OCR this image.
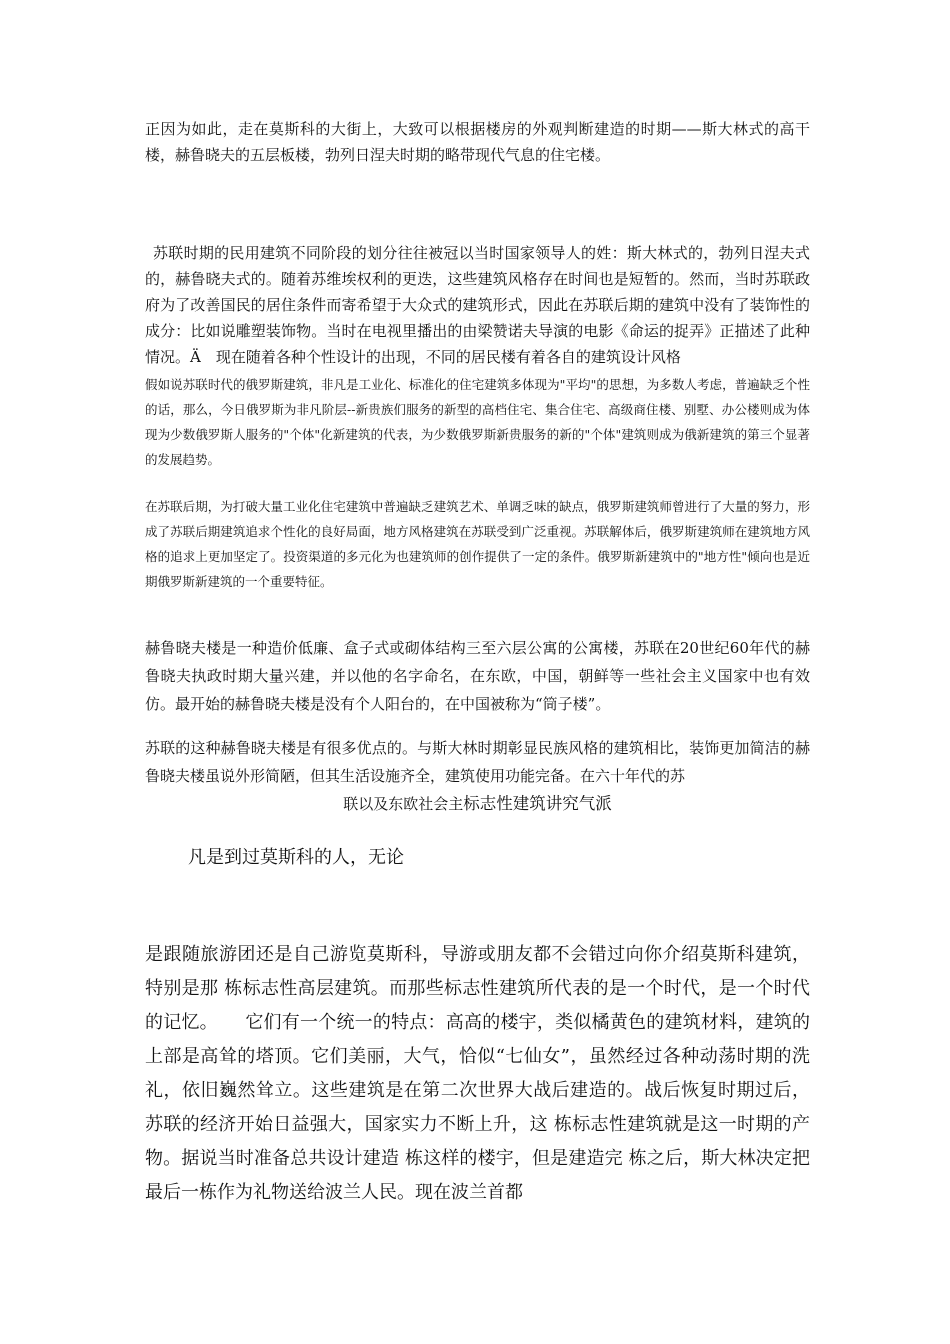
正因为如此，走在莫斯科的大街上，大致可以根据楼房的外观判断建造的时期——斯大林式的高干楼，赫鲁晓夫的五层板楼，勃列日涅夫时期的略带现代气息的住宅楼。
苏联时期的民用建筑不同阶段的划分往往被冠以当时国家领导人的姓：斯大林式的，勃列日涅夫式的，赫鲁晓夫式的。随着苏维埃权利的更迭，这些建筑风格存在时间也是短暂的。然而，当时苏联政府为了改善国民的居住条件而寄希望于大众式的建筑形式，因此在苏联后期的建筑中没有了装饰性的成分：比如说雕塑装饰物。当时在电视里播出的由梁赞诺夫导演的电影《命运的捉弄》正描述了此种情况。Ä　现在随着各种个性设计的出现，不同的居民楼有着各自的建筑设计风格
假如说苏联时代的俄罗斯建筑，非凡是工业化、标准化的住宅建筑多体现为"平均"的思想，为多数人考虑，普遍缺乏个性的话，那么，今日俄罗斯为非凡阶层--新贵族们服务的新型的高档住宅、集合住宅、高级商住楼、别墅、办公楼则成为体现为少数俄罗斯人服务的"个体"化新建筑的代表，为少数俄罗斯新贵服务的新的"个体"建筑则成为俄新建筑的第三个显著的发展趋势。
在苏联后期，为打破大量工业化住宅建筑中普遍缺乏建筑艺术、单调乏味的缺点，俄罗斯建筑师曾进行了大量的努力，形成了苏联后期建筑追求个性化的良好局面，地方风格建筑在苏联受到广泛重视。苏联解体后，俄罗斯建筑师在建筑地方风格的追求上更加坚定了。投资渠道的多元化为也建筑师的创作提供了一定的条件。俄罗斯新建筑中的"地方性"倾向也是近期俄罗斯新建筑的一个重要特征。
赫鲁晓夫楼是一种造价低廉、盒子式或砌体结构三至六层公寓的公寓楼，苏联在20世纪60年代的赫鲁晓夫执政时期大量兴建，并以他的名字命名，在东欧，中国，朝鲜等一些社会主义国家中也有效仿。最开始的赫鲁晓夫楼是没有个人阳台的，在中国被称为“筒子楼”。
苏联的这种赫鲁晓夫楼是有很多优点的。与斯大林时期彰显民族风格的建筑相比，装饰更加简洁的赫鲁晓夫楼虽说外形简陋，但其生活设施齐全，建筑使用功能完备。在六十年代的苏
联以及东欧社会主标志性建筑讲究气派
凡是到过莫斯科的人，无论
是跟随旅游团还是自己游览莫斯科，导游或朋友都不会错过向你介绍莫斯科建筑，特别是那 栋标志性高层建筑。而那些标志性建筑所代表的是一个时代，是一个时代的记忆。　　它们有一个统一的特点：高高的楼宇，类似橘黄色的建筑材料，建筑的上部是高耸的塔顶。它们美丽，大气，恰似“七仙女”，虽然经过各种动荡时期的洗礼，依旧巍然耸立。这些建筑是在第二次世界大战后建造的。战后恢复时期过后，苏联的经济开始日益强大，国家实力不断上升，这 栋标志性建筑就是这一时期的产物。据说当时准备总共设计建造 栋这样的楼宇，但是建造完 栋之后，斯大林决定把最后一栋作为礼物送给波兰人民。现在波兰首都
